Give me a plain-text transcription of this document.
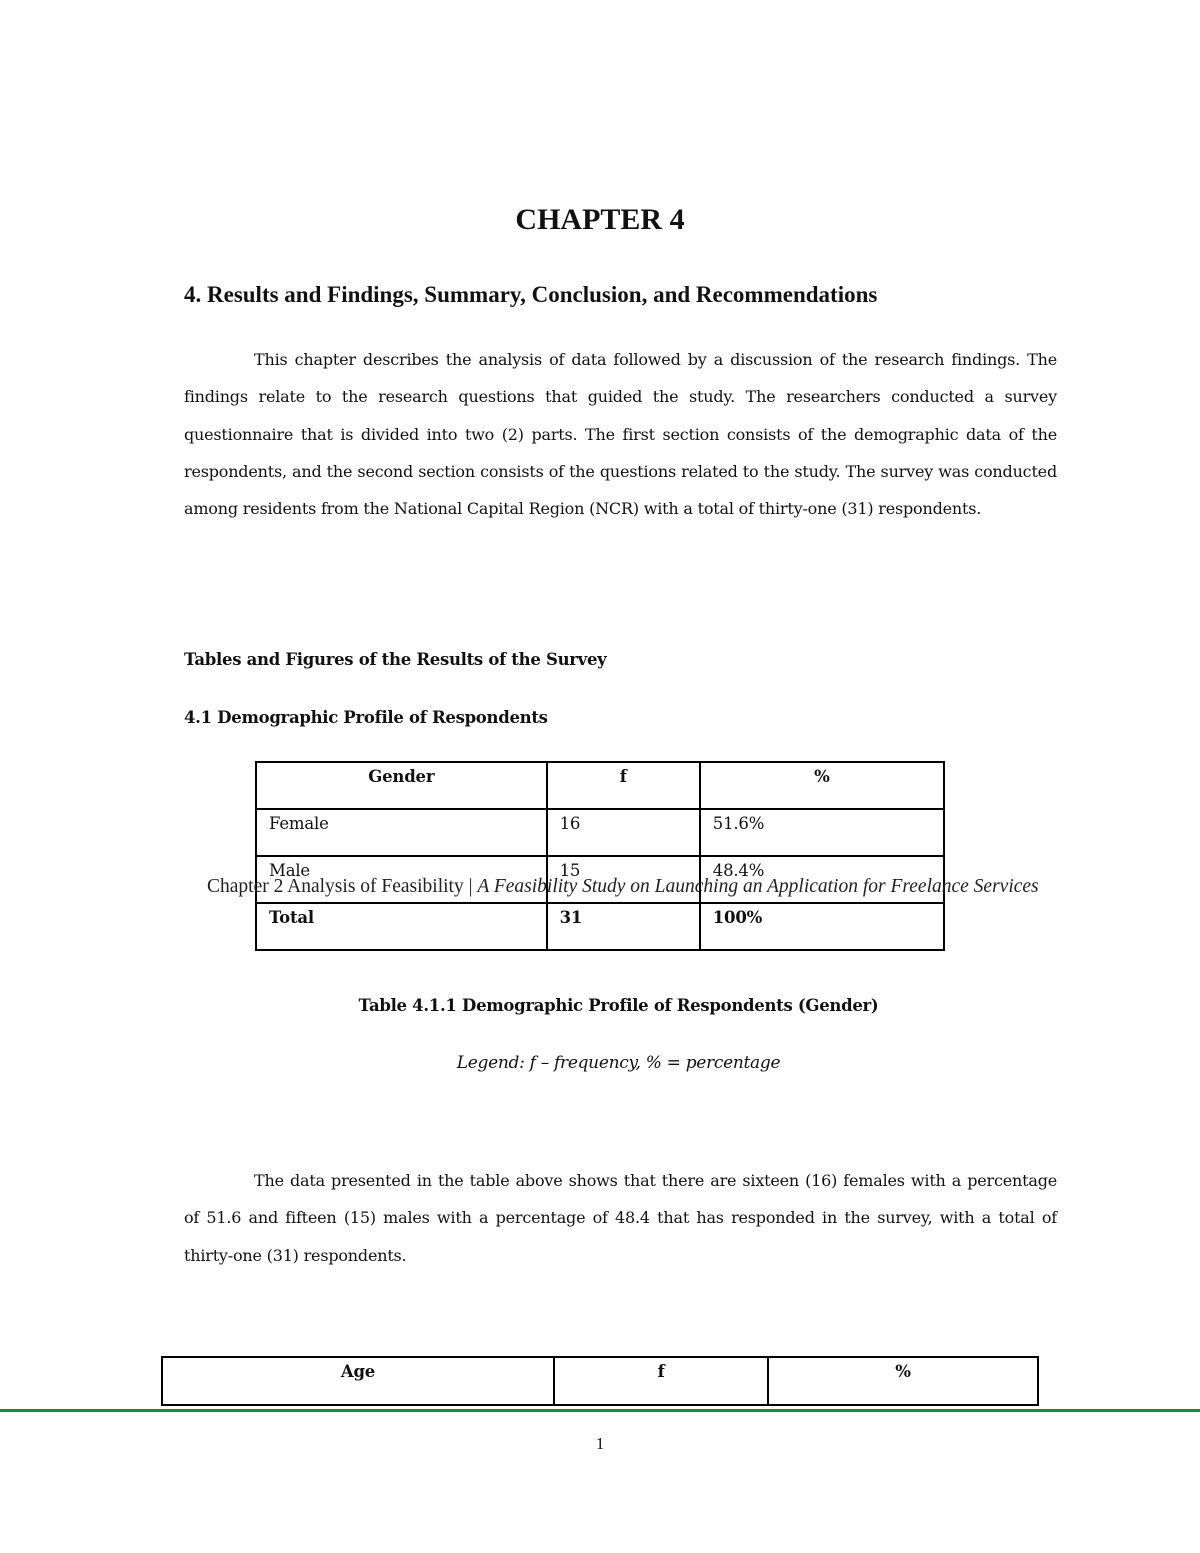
CHAPTER 4
4. Results and Findings, Summary, Conclusion, and Recommendations
This chapter describes the analysis of data followed by a discussion of the research findings. The findings relate to the research questions that guided the study. The researchers conducted a survey questionnaire that is divided into two (2) parts. The first section consists of the demographic data of the respondents, and the second section consists of the questions related to the study. The survey was conducted among residents from the National Capital Region (NCR) with a total of thirty-one (31) respondents.
Tables and Figures of the Results of the Survey
4.1 Demographic Profile of Respondents
Gender	f	%
Female	16	51.6%
Male	15	48.4%
Total	31	100%
Chapter 2 Analysis of Feasibility | A Feasibility Study on Launching an Application for Freelance Services
Table 4.1.1 Demographic Profile of Respondents (Gender)
Legend: f – frequency, % = percentage
The data presented in the table above shows that there are sixteen (16) females with a percentage of 51.6 and fifteen (15) males with a percentage of 48.4 that has responded in the survey, with a total of thirty-one (31) respondents.
Age	f	%
1
